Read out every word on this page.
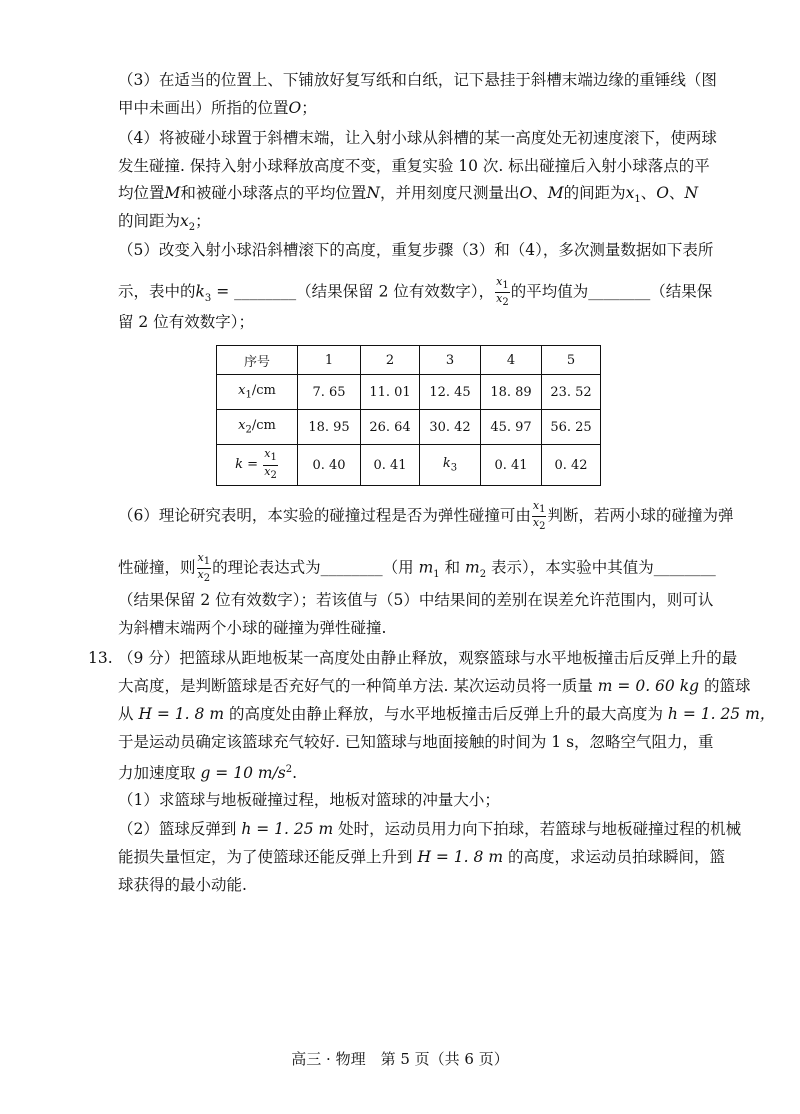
（3）在适当的位置上、下铺放好复写纸和白纸，记下悬挂于斜槽末端边缘的重锤线（图
甲中未画出）所指的位置O；
（4）将被碰小球置于斜槽末端，让入射小球从斜槽的某一高度处无初速度滚下，使两球
发生碰撞. 保持入射小球释放高度不变，重复实验 10 次. 标出碰撞后入射小球落点的平
均位置M和被碰小球落点的平均位置N，并用刻度尺测量出O、M的间距为$x_1$、O、N
的间距为$x_2$；
（5）改变入射小球沿斜槽滚下的高度，重复步骤（3）和（4），多次测量数据如下表所
示，表中的$k_3$ = ________（结果保留 2 位有效数字）， $\frac{x_1}{x_2}$ 的平均值为________（结果保
留 2 位有效数字）；
序号	1	2	3	4	5
$x_1/cm$	7. 65	11. 01	12. 45	18. 89	23. 52
$x_2/cm$	18. 95	26. 64	30. 42	45. 97	56. 25
$k = \frac{x_1}{x_2}$	0. 40	0. 41	$k_3$	0. 41	0. 42
（6）理论研究表明，本实验的碰撞过程是否为弹性碰撞可由 $\frac{x_1}{x_2}$ 判断，若两小球的碰撞为弹
性碰撞，则 $\frac{x_1}{x_2}$ 的理论表达式为________（用 $m_1$ 和 $m_2$ 表示），本实验中其值为________
（结果保留 2 位有效数字）；若该值与（5）中结果间的差别在误差允许范围内，则可认
为斜槽末端两个小球的碰撞为弹性碰撞.
13. （9 分）把篮球从距地板某一高度处由静止释放，观察篮球与水平地板撞击后反弹上升的最
大高度，是判断篮球是否充好气的一种简单方法. 某次运动员将一质量 m = 0. 60 kg 的篮球
从 H = 1. 8 m 的高度处由静止释放，与水平地板撞击后反弹上升的最大高度为 h = 1. 25 m，
于是运动员确定该篮球充气较好. 已知篮球与地面接触的时间为 1 s，忽略空气阻力，重
力加速度取 g = 10 $m/s^2$.
（1）求篮球与地板碰撞过程，地板对篮球的冲量大小；
（2）篮球反弹到 h = 1. 25 m 处时，运动员用力向下拍球，若篮球与地板碰撞过程的机械
能损失量恒定，为了使篮球还能反弹上升到 H = 1. 8 m 的高度，求运动员拍球瞬间，篮
球获得的最小动能.
高三 · 物理　第 5 页（共 6 页）
